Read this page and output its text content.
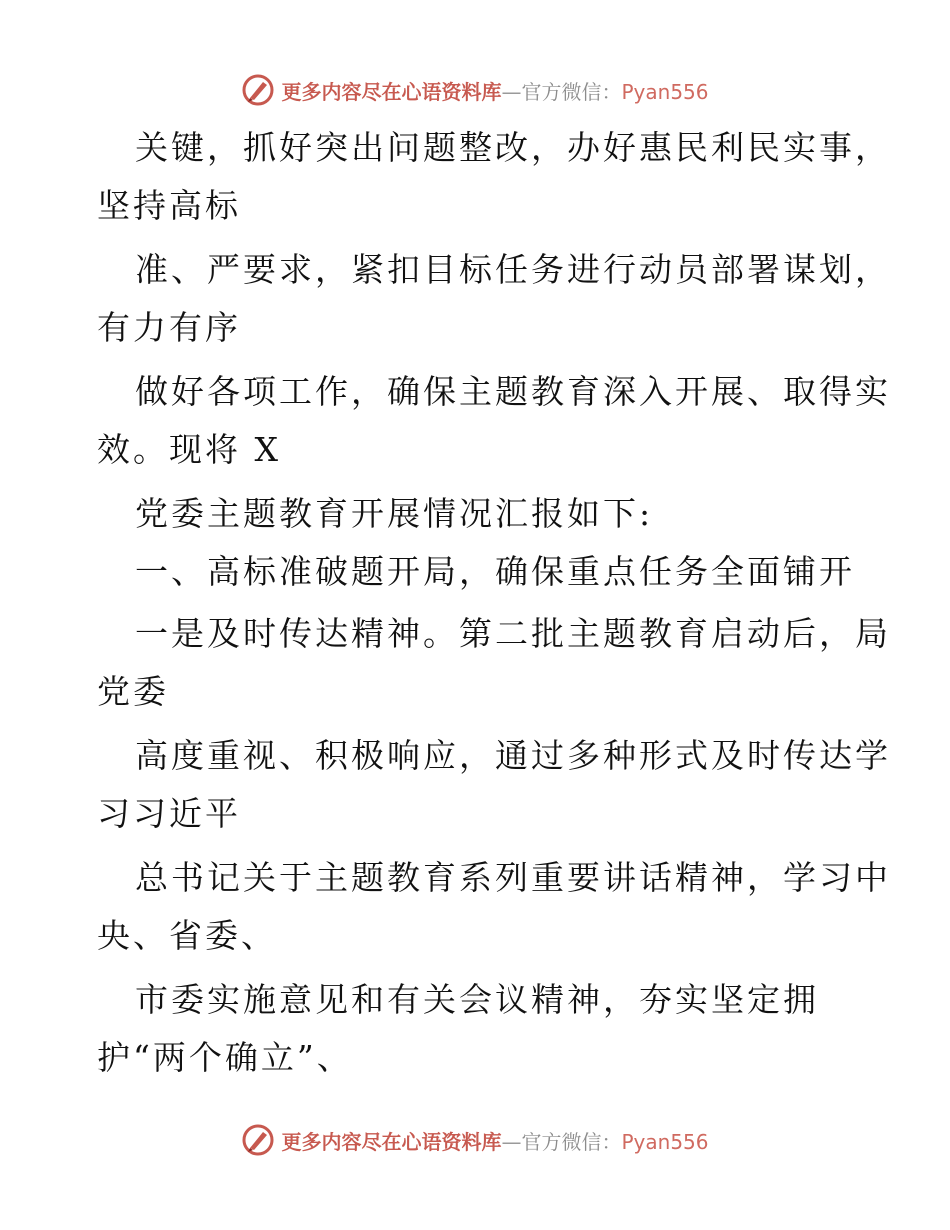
更多内容尽在心语资料库—官方微信：Pyan556
关键，抓好突出问题整改，办好惠民利民实事，
坚持高标
准、严要求，紧扣目标任务进行动员部署谋划，
有力有序
做好各项工作，确保主题教育深入开展、取得实
效。现将 X
党委主题教育开展情况汇报如下:
一、高标准破题开局，确保重点任务全面铺开
一是及时传达精神。第二批主题教育启动后，局
党委
高度重视、积极响应，通过多种形式及时传达学
习习近平
总书记关于主题教育系列重要讲话精神，学习中
央、省委、
市委实施意见和有关会议精神，夯实坚定拥
护“两个确立”、
更多内容尽在心语资料库—官方微信：Pyan556
